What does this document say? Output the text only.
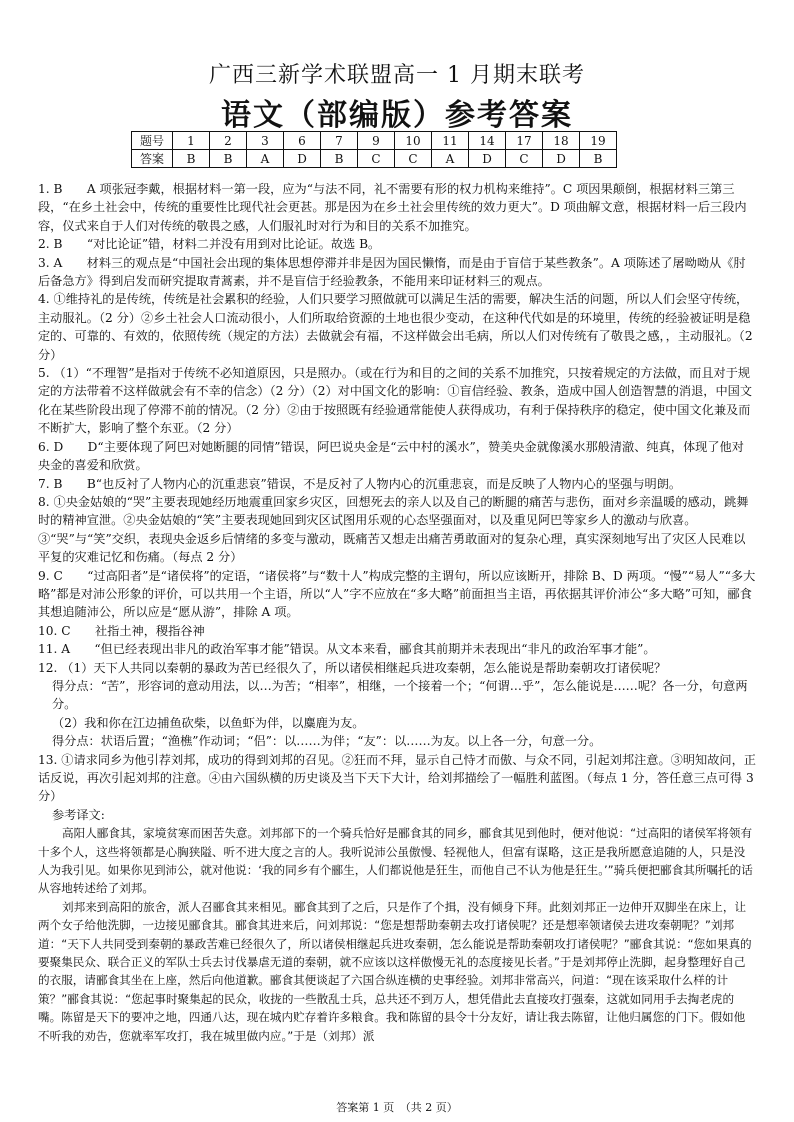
广西三新学术联盟高一 1 月期末联考
语文（部编版）参考答案
题号	1	2	3	6	7	9	10	11	14	17	18	19
答案	B	B	A	D	B	C	C	A	D	C	D	B

1. B　　A 项张冠李戴，根据材料一第一段，应为“与法不同，礼不需要有形的权力机构来维持”。C 项因果颠倒，根据材料三第三段，“在乡土社会中，传统的重要性比现代社会更甚。那是因为在乡土社会里传统的效力更大”。D 项曲解文意，根据材料一后三段内容，仪式来自于人们对传统的敬畏之感，人们服礼时对行为和目的关系不加推究。

2. B　　“对比论证”错，材料二并没有用到对比论证。故选 B。

3. A　　材料三的观点是“中国社会出现的集体思想停滞并非是因为国民懒惰，而是由于盲信于某些教条”。A 项陈述了屠呦呦从《肘后备急方》得到启发而研究提取青蒿素，并不是盲信于经验教条，不能用来印证材料三的观点。

4. ①维持礼的是传统，传统是社会累积的经验，人们只要学习照做就可以满足生活的需要，解决生活的问题，所以人们会坚守传统，主动服礼。（2 分）②乡土社会人口流动很小，人们所取给资源的土地也很少变动，在这种代代如是的环境里，传统的经验被证明是稳定的、可靠的、有效的，依照传统（规定的方法）去做就会有福，不这样做会出毛病，所以人们对传统有了敬畏之感，，主动服礼。（2 分）

5. （1）“不理智”是指对于传统不必知道原因，只是照办。（或在行为和目的之间的关系不加推究，只按着规定的方法做，而且对于规定的方法带着不这样做就会有不幸的信念）（2 分）（2）对中国文化的影响：①盲信经验、教条，造成中国人创造智慧的消退，中国文化在某些阶段出现了停滞不前的情况。（2 分）②由于按照既有经验通常能使人获得成功，有利于保持秩序的稳定，使中国文化兼及而不断扩大，影响了整个东亚。（2 分）

6. D　　D“主要体现了阿巴对她断腿的同情”错误，阿巴说央金是“云中村的溪水”，赞美央金就像溪水那般清澈、纯真，体现了他对央金的喜爱和欣赏。

7. B　　B“也反衬了人物内心的沉重悲哀”错误，不是反衬了人物内心的沉重悲哀，而是反映了人物内心的坚强与明朗。

8. ①央金姑娘的“哭”主要表现她经历地震重回家乡灾区，回想死去的亲人以及自己的断腿的痛苦与悲伤，面对乡亲温暖的感动，跳舞时的精神宣泄。②央金姑娘的“笑”主要表现她回到灾区试图用乐观的心态坚强面对，以及重见阿巴等家乡人的激动与欣喜。③“哭”与“笑”交织，表现央金返乡后情绪的多变与激动，既痛苦又想走出痛苦勇敢面对的复杂心理，真实深刻地写出了灾区人民难以平复的灾难记忆和伤痛。（每点 2 分）

9. C　　“过高阳者”是“诸侯将”的定语，“诸侯将”与“数十人”构成完整的主谓句，所以应该断开，排除 B、D 两项。“慢”“易人”“多大略”都是对沛公形象的评价，可以共用一个主语，所以“人”字不应放在“多大略”前面担当主语，再依据其评价沛公“多大略”可知，郦食其想追随沛公，所以应是“愿从游”，排除 A 项。

10. C　　社指土神，稷指谷神

11. A　　“但已经表现出非凡的政治军事才能”错误。从文本来看，郦食其前期并未表现出“非凡的政治军事才能”。

12. （1）天下人共同以秦朝的暴政为苦已经很久了，所以诸侯相继起兵进攻秦朝，怎么能说是帮助秦朝攻打诸侯呢？

得分点：“苦”，形容词的意动用法，以…为苦；“相率”，相继，一个接着一个；“何谓…乎”，怎么能说是……呢？各一分，句意两分。

（2）我和你在江边捕鱼砍柴，以鱼虾为伴，以麋鹿为友。

得分点：状语后置；“渔樵”作动词；“侣”：以……为伴；“友”：以……为友。以上各一分，句意一分。

13. ①请求同乡为他引荐刘邦，成功的得到刘邦的召见。②狂而不拜，显示自己恃才而傲、与众不同，引起刘邦注意。③明知故问，正话反说，再次引起刘邦的注意。④由六国纵横的历史谈及当下天下大计，给刘邦描绘了一幅胜利蓝图。（每点 1 分，答任意三点可得 3 分）

参考译文:

高阳人郦食其，家境贫寒而困苦失意。刘邦部下的一个骑兵恰好是郦食其的同乡，郦食其见到他时，便对他说：“过高阳的诸侯军将领有十多个人，这些将领都是心胸狭隘、听不进大度之言的人。我听说沛公虽傲慢、轻视他人，但富有谋略，这正是我所愿意追随的人，只是没人为我引见。如果你见到沛公，就对他说：‘我的同乡有个郦生，人们都说他是狂生，而他自己不认为他是狂生。’”骑兵便把郦食其所嘱托的话从容地转述给了刘邦。

刘邦来到高阳的旅舍，派人召郦食其来相见。郦食其到了之后，只是作了个揖，没有倾身下拜。此刻刘邦正一边伸开双脚坐在床上，让两个女子给他洗脚，一边接见郦食其。郦食其进来后，问刘邦说：“您是想帮助秦朝去攻打诸侯呢？还是想率领诸侯去进攻秦朝呢？”刘邦道：“天下人共同受到秦朝的暴政苦难已经很久了，所以诸侯相继起兵进攻秦朝，怎么能说是帮助秦朝攻打诸侯呢？”郦食其说：“您如果真的要聚集民众、联合正义的军队士兵去讨伐暴虐无道的秦朝，就不应该以这样傲慢无礼的态度接见长者。”于是刘邦停止洗脚，起身整理好自己的衣服，请郦食其坐在上座，然后向他道歉。郦食其便谈起了六国合纵连横的史事经验。刘邦非常高兴，问道：“现在该采取什么样的计策？”郦食其说：“您起事时聚集起的民众，收拢的一些散乱士兵，总共还不到万人，想凭借此去直接攻打强秦，这就如同用手去掏老虎的嘴。陈留是天下的要冲之地，四通八达，现在城内贮存着许多粮食。我和陈留的县令十分友好，请让我去陈留，让他归属您的门下。假如他不听我的劝告，您就率军攻打，我在城里做内应。”于是（刘邦）派

答案第 1 页　（共 2 页）
